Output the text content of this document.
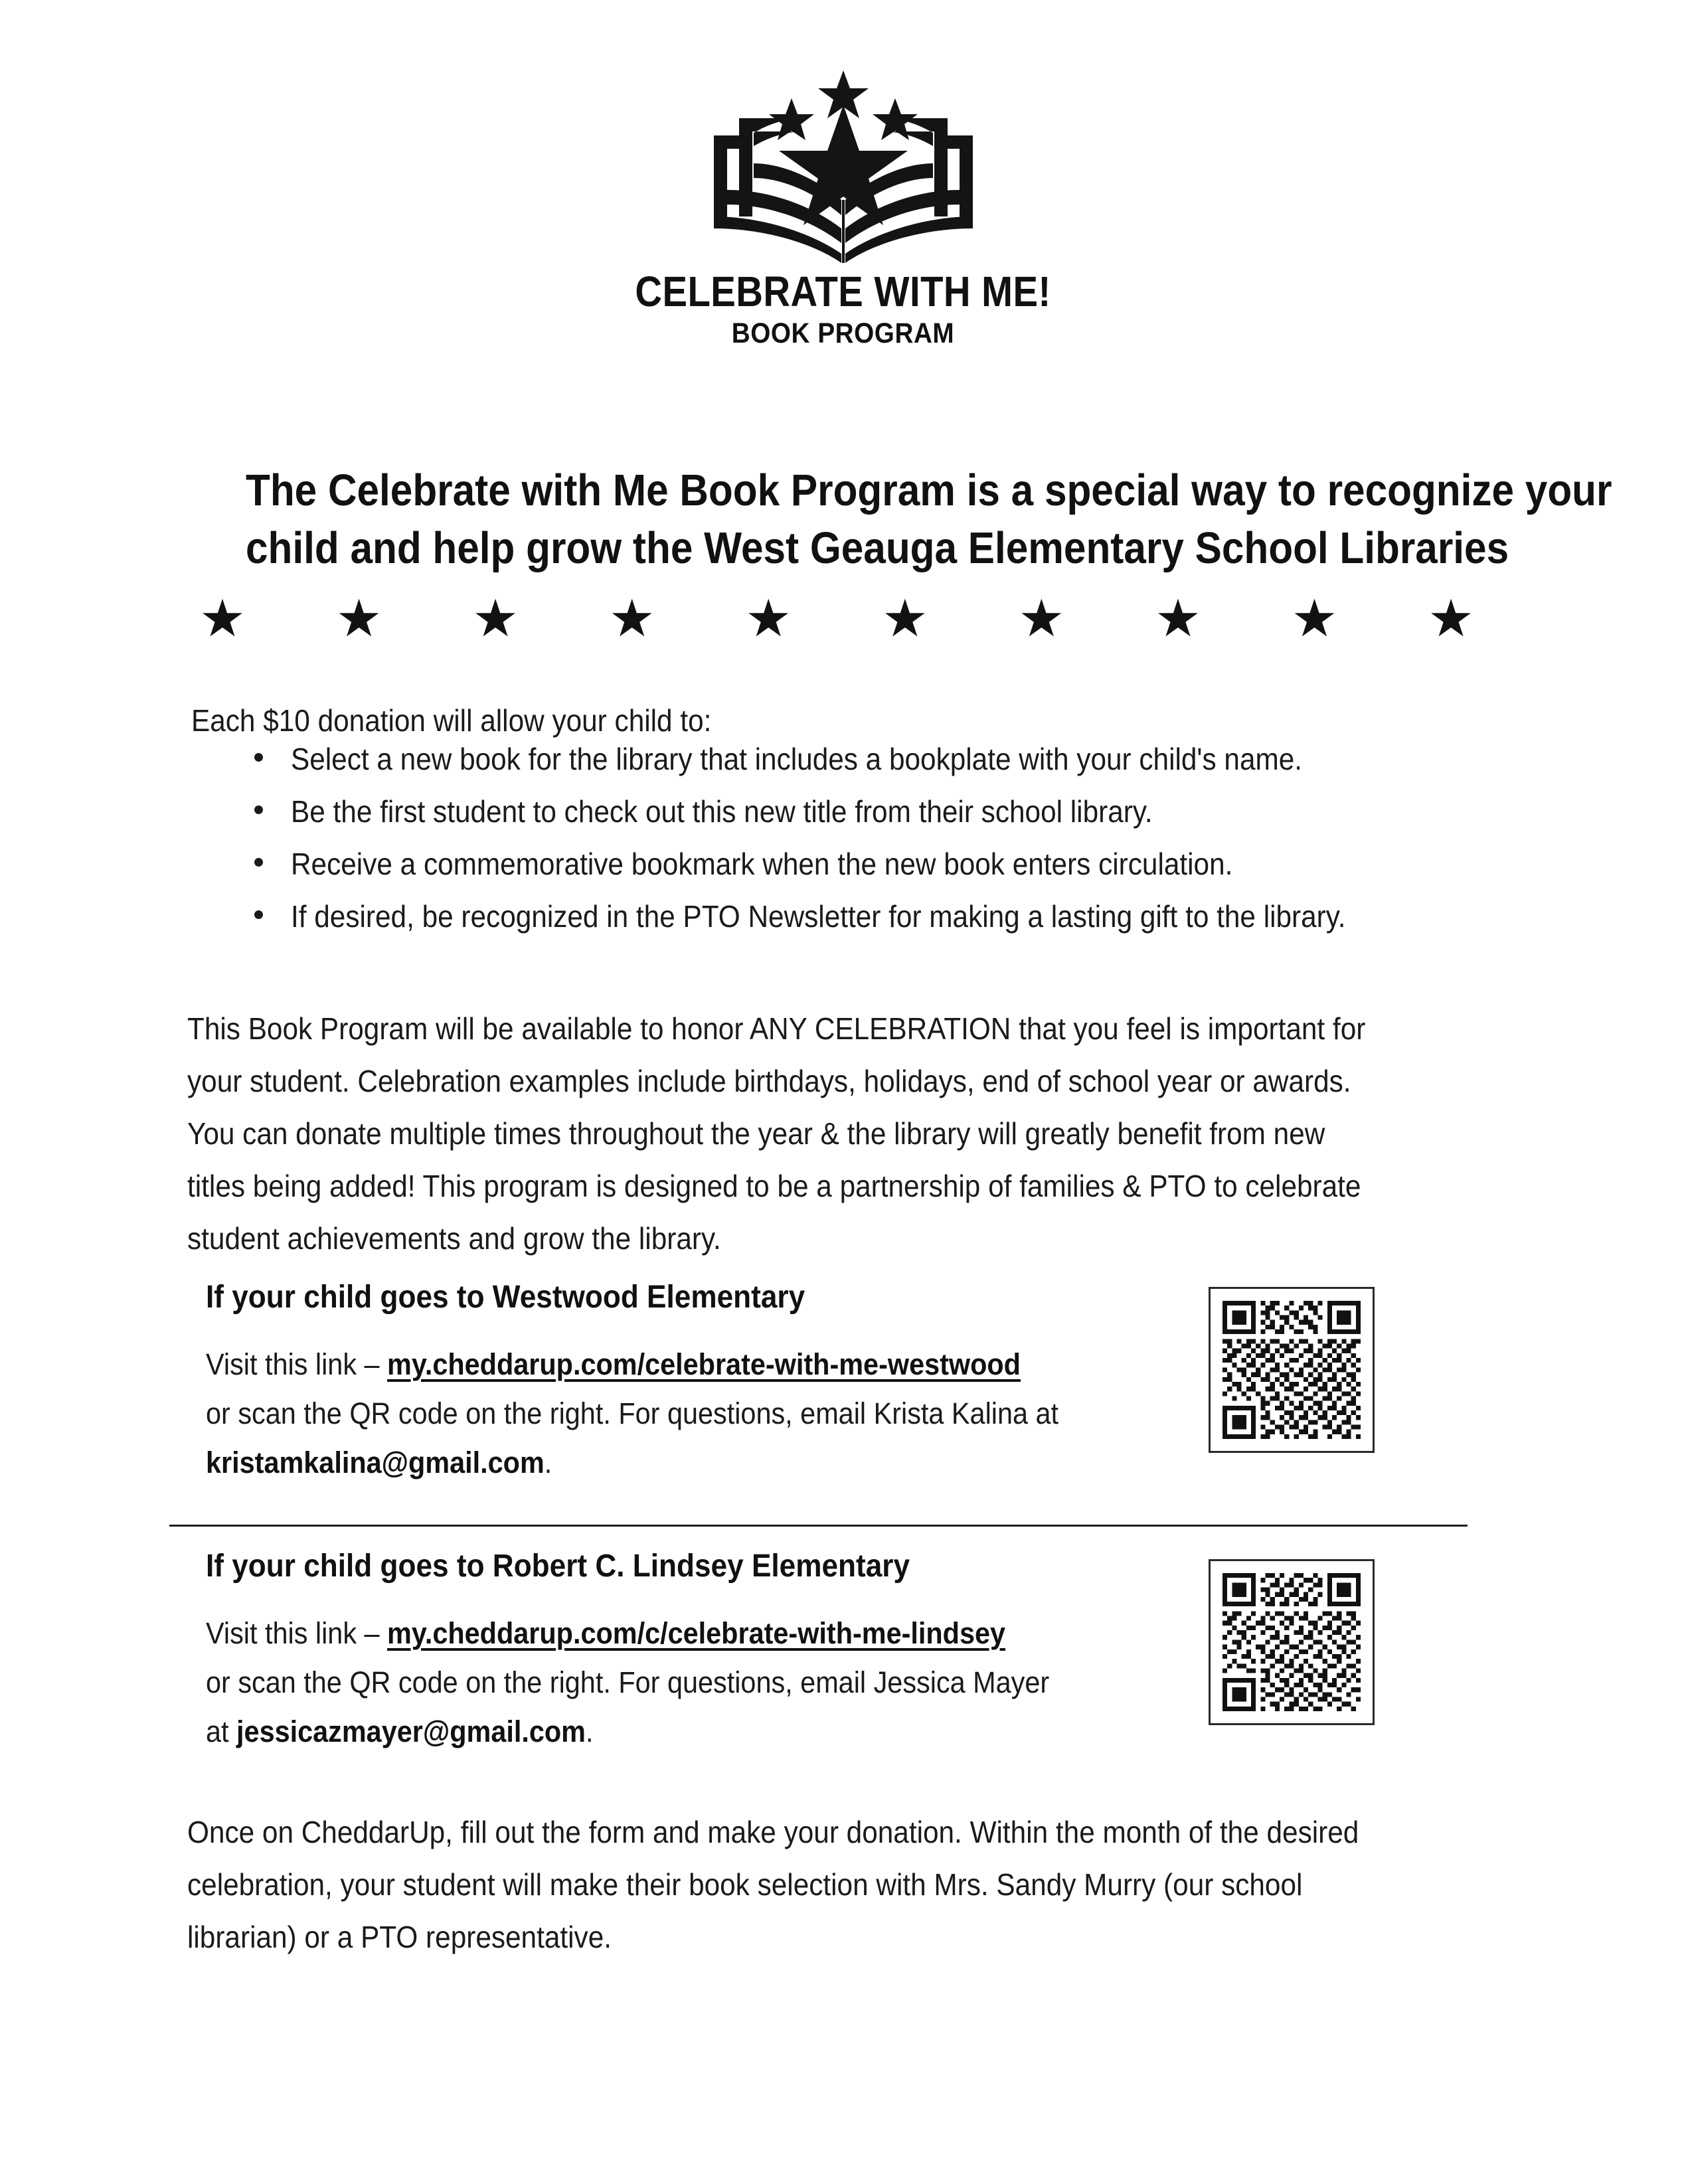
CELEBRATE WITH ME!
BOOK PROGRAM
The Celebrate with Me Book Program is a special way to recognize your
child and help grow the West Geauga Elementary School Libraries
★ ★ ★ ★ ★ ★ ★ ★ ★ ★
Each $10 donation will allow your child to:
Select a new book for the library that includes a bookplate with your child's name.
Be the first student to check out this new title from their school library.
Receive a commemorative bookmark when the new book enters circulation.
If desired, be recognized in the PTO Newsletter for making a lasting gift to the library.
This Book Program will be available to honor ANY CELEBRATION that you feel is important for
your student. Celebration examples include birthdays, holidays, end of school year or awards.
You can donate multiple times throughout the year & the library will greatly benefit from new
titles being added! This program is designed to be a partnership of families & PTO to celebrate
student achievements and grow the library.
If your child goes to Westwood Elementary
Visit this link – my.cheddarup.com/celebrate-with-me-westwood
or scan the QR code on the right. For questions, email Krista Kalina at
kristamkalina@gmail.com.
If your child goes to Robert C. Lindsey Elementary
Visit this link – my.cheddarup.com/c/celebrate-with-me-lindsey
or scan the QR code on the right. For questions, email Jessica Mayer
at jessicazmayer@gmail.com.
Once on CheddarUp, fill out the form and make your donation. Within the month of the desired
celebration, your student will make their book selection with Mrs. Sandy Murry (our school
librarian) or a PTO representative.
